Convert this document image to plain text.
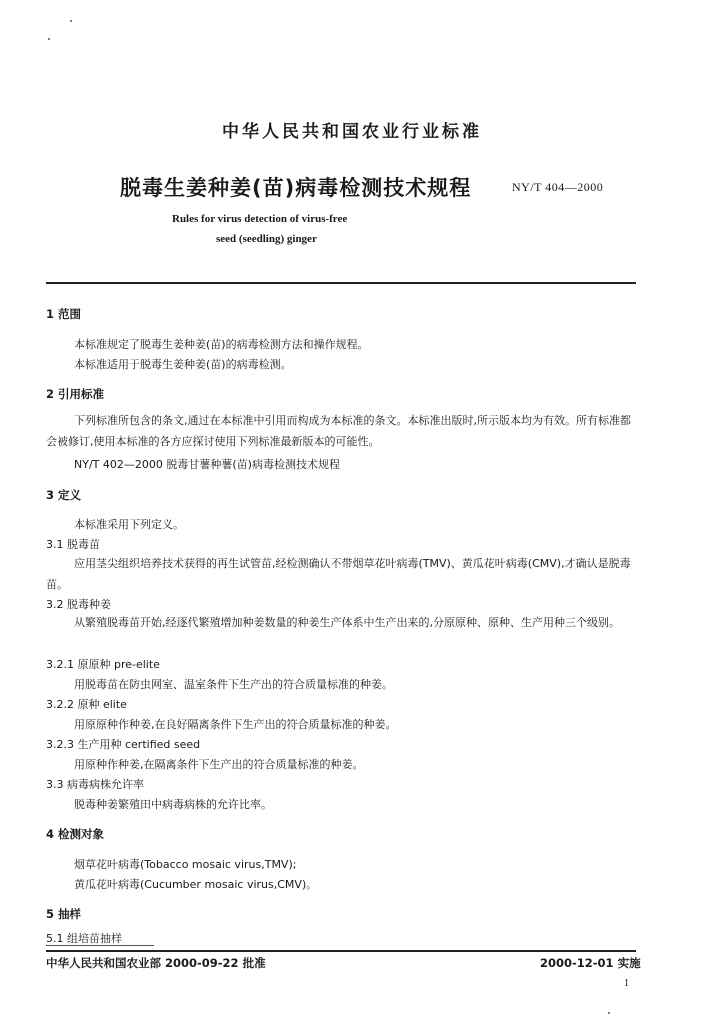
中华人民共和国农业行业标准
脱毒生姜种姜(苗)病毒检测技术规程	NY/T 404—2000
Rules for virus detection of virus-free
seed (seedling) ginger
1 范围
本标准规定了脱毒生姜种姜(苗)的病毒检测方法和操作规程。
本标准适用于脱毒生姜种姜(苗)的病毒检测。
2 引用标准
下列标准所包含的条文,通过在本标准中引用而构成为本标准的条文。本标准出版时,所示版本均为有效。所有标准都会被修订,使用本标准的各方应探讨使用下列标准最新版本的可能性。
NY/T 402—2000 脱毒甘薯种薯(苗)病毒检测技术规程
3 定义
本标准采用下列定义。
3.1 脱毒苗
应用茎尖组织培养技术获得的再生试管苗,经检测确认不带烟草花叶病毒(TMV)、黄瓜花叶病毒(CMV),才确认是脱毒苗。
3.2 脱毒种姜
从繁殖脱毒苗开始,经逐代繁殖增加种姜数量的种姜生产体系中生产出来的,分原原种、原种、生产用种三个级别。
3.2.1 原原种 pre-elite
用脱毒苗在防虫网室、温室条件下生产出的符合质量标准的种姜。
3.2.2 原种 elite
用原原种作种姜,在良好隔离条件下生产出的符合质量标准的种姜。
3.2.3 生产用种 certified seed
用原种作种姜,在隔离条件下生产出的符合质量标准的种姜。
3.3 病毒病株允许率
脱毒种姜繁殖田中病毒病株的允许比率。
4 检测对象
烟草花叶病毒(Tobacco mosaic virus,TMV);
黄瓜花叶病毒(Cucumber mosaic virus,CMV)。
5 抽样
5.1 组培苗抽样
中华人民共和国农业部 2000-09-22 批准	2000-12-01 实施
1
